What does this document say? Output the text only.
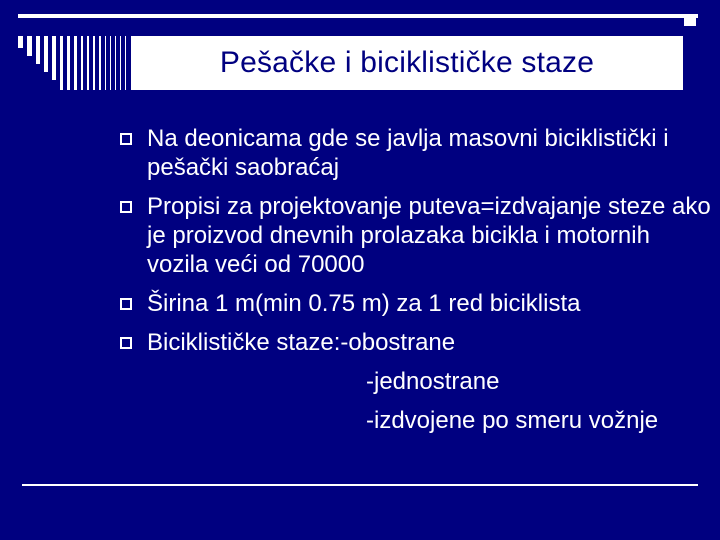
Pešačke i biciklističke staze
Na deonicama gde se javlja masovni biciklistički i pešački saobraćaj
Propisi za projektovanje puteva=izdvajanje steze ako je proizvod dnevnih prolazaka bicikla i motornih vozila veći od 70000
Širina 1 m(min 0.75 m) za 1 red biciklista
Biciklističke staze:-obostrane
-jednostrane
-izdvojene po smeru vožnje
